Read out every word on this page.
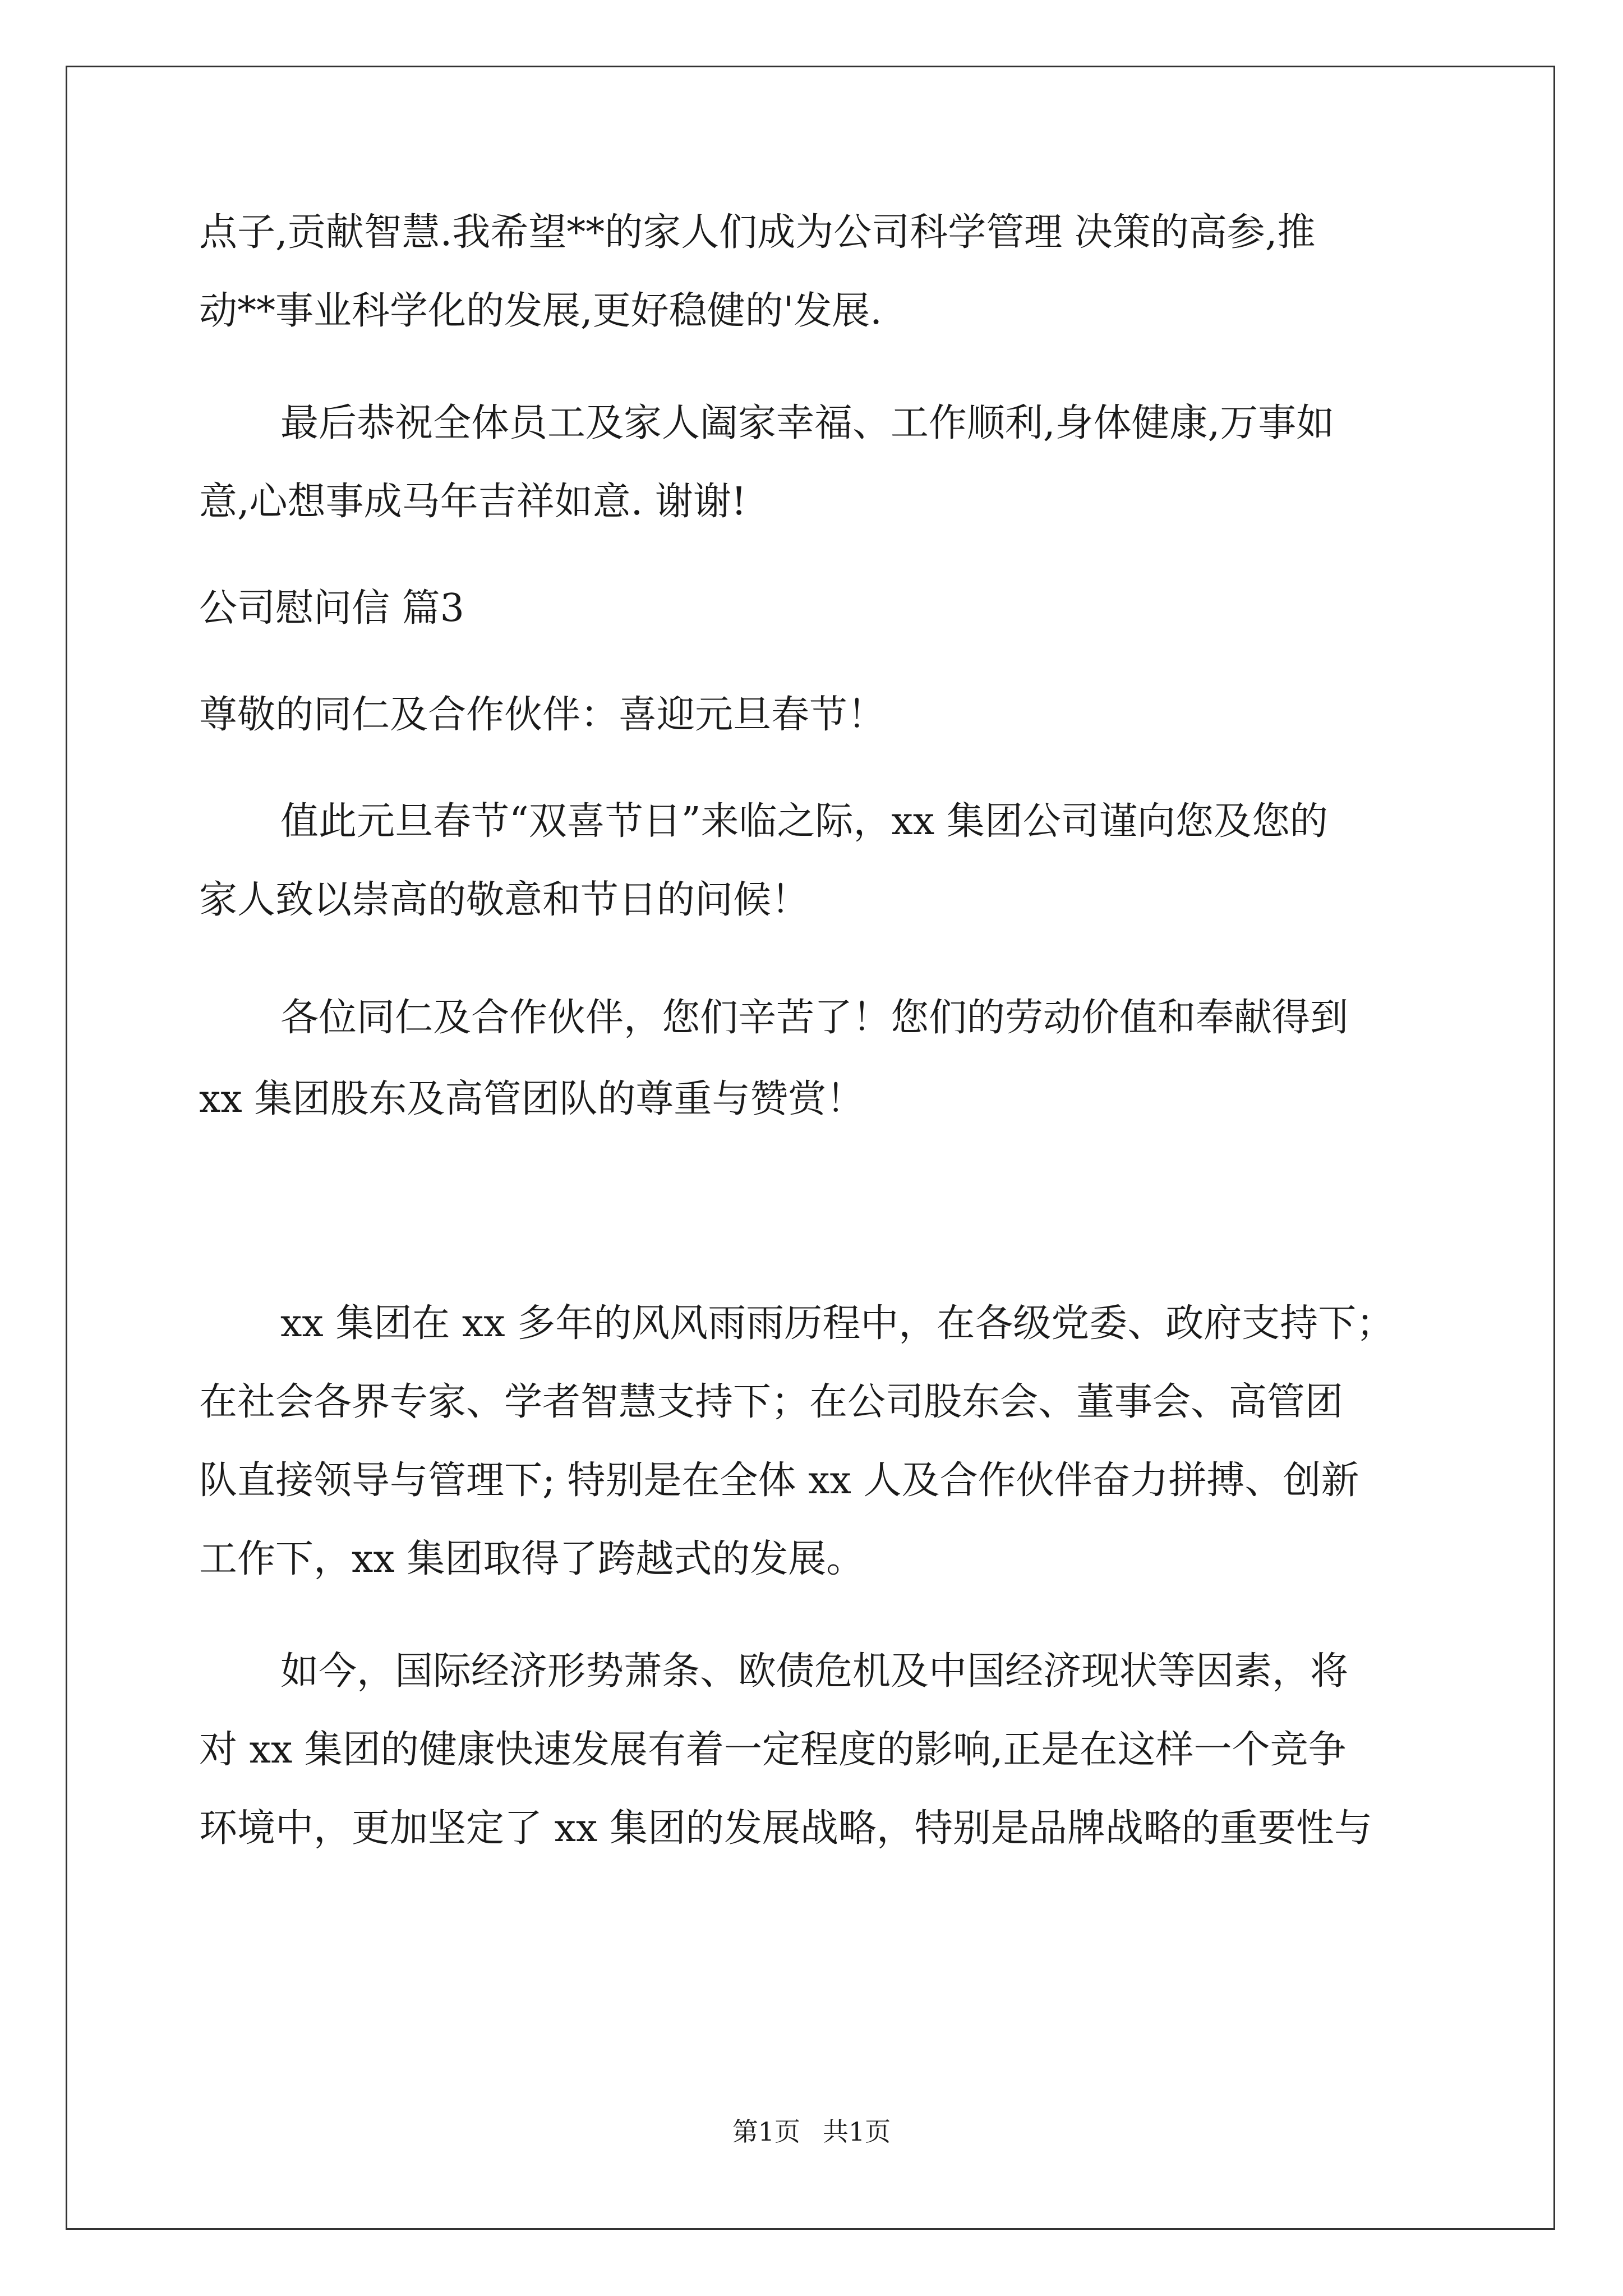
点子,贡献智慧.我希望**的家人们成为公司科学管理 决策的高参,推
动**事业科学化的发展,更好稳健的'发展.
最后恭祝全体员工及家人阖家幸福、工作顺利,身体健康,万事如
意,心想事成马年吉祥如意. 谢谢!
公司慰问信 篇3
尊敬的同仁及合作伙伴：喜迎元旦春节！
值此元旦春节“双喜节日”来临之际，xx 集团公司谨向您及您的
家人致以崇高的敬意和节日的问候！
各位同仁及合作伙伴，您们辛苦了！您们的劳动价值和奉献得到
xx 集团股东及高管团队的尊重与赞赏！
xx 集团在 xx 多年的风风雨雨历程中，在各级党委、政府支持下；
在社会各界专家、学者智慧支持下；在公司股东会、董事会、高管团
队直接领导与管理下; 特别是在全体 xx 人及合作伙伴奋力拼搏、创新
工作下，xx 集团取得了跨越式的发展。
如今，国际经济形势萧条、欧债危机及中国经济现状等因素，将
对 xx 集团的健康快速发展有着一定程度的影响,正是在这样一个竞争
环境中，更加坚定了 xx 集团的发展战略，特别是品牌战略的重要性与
第1页 共1页
